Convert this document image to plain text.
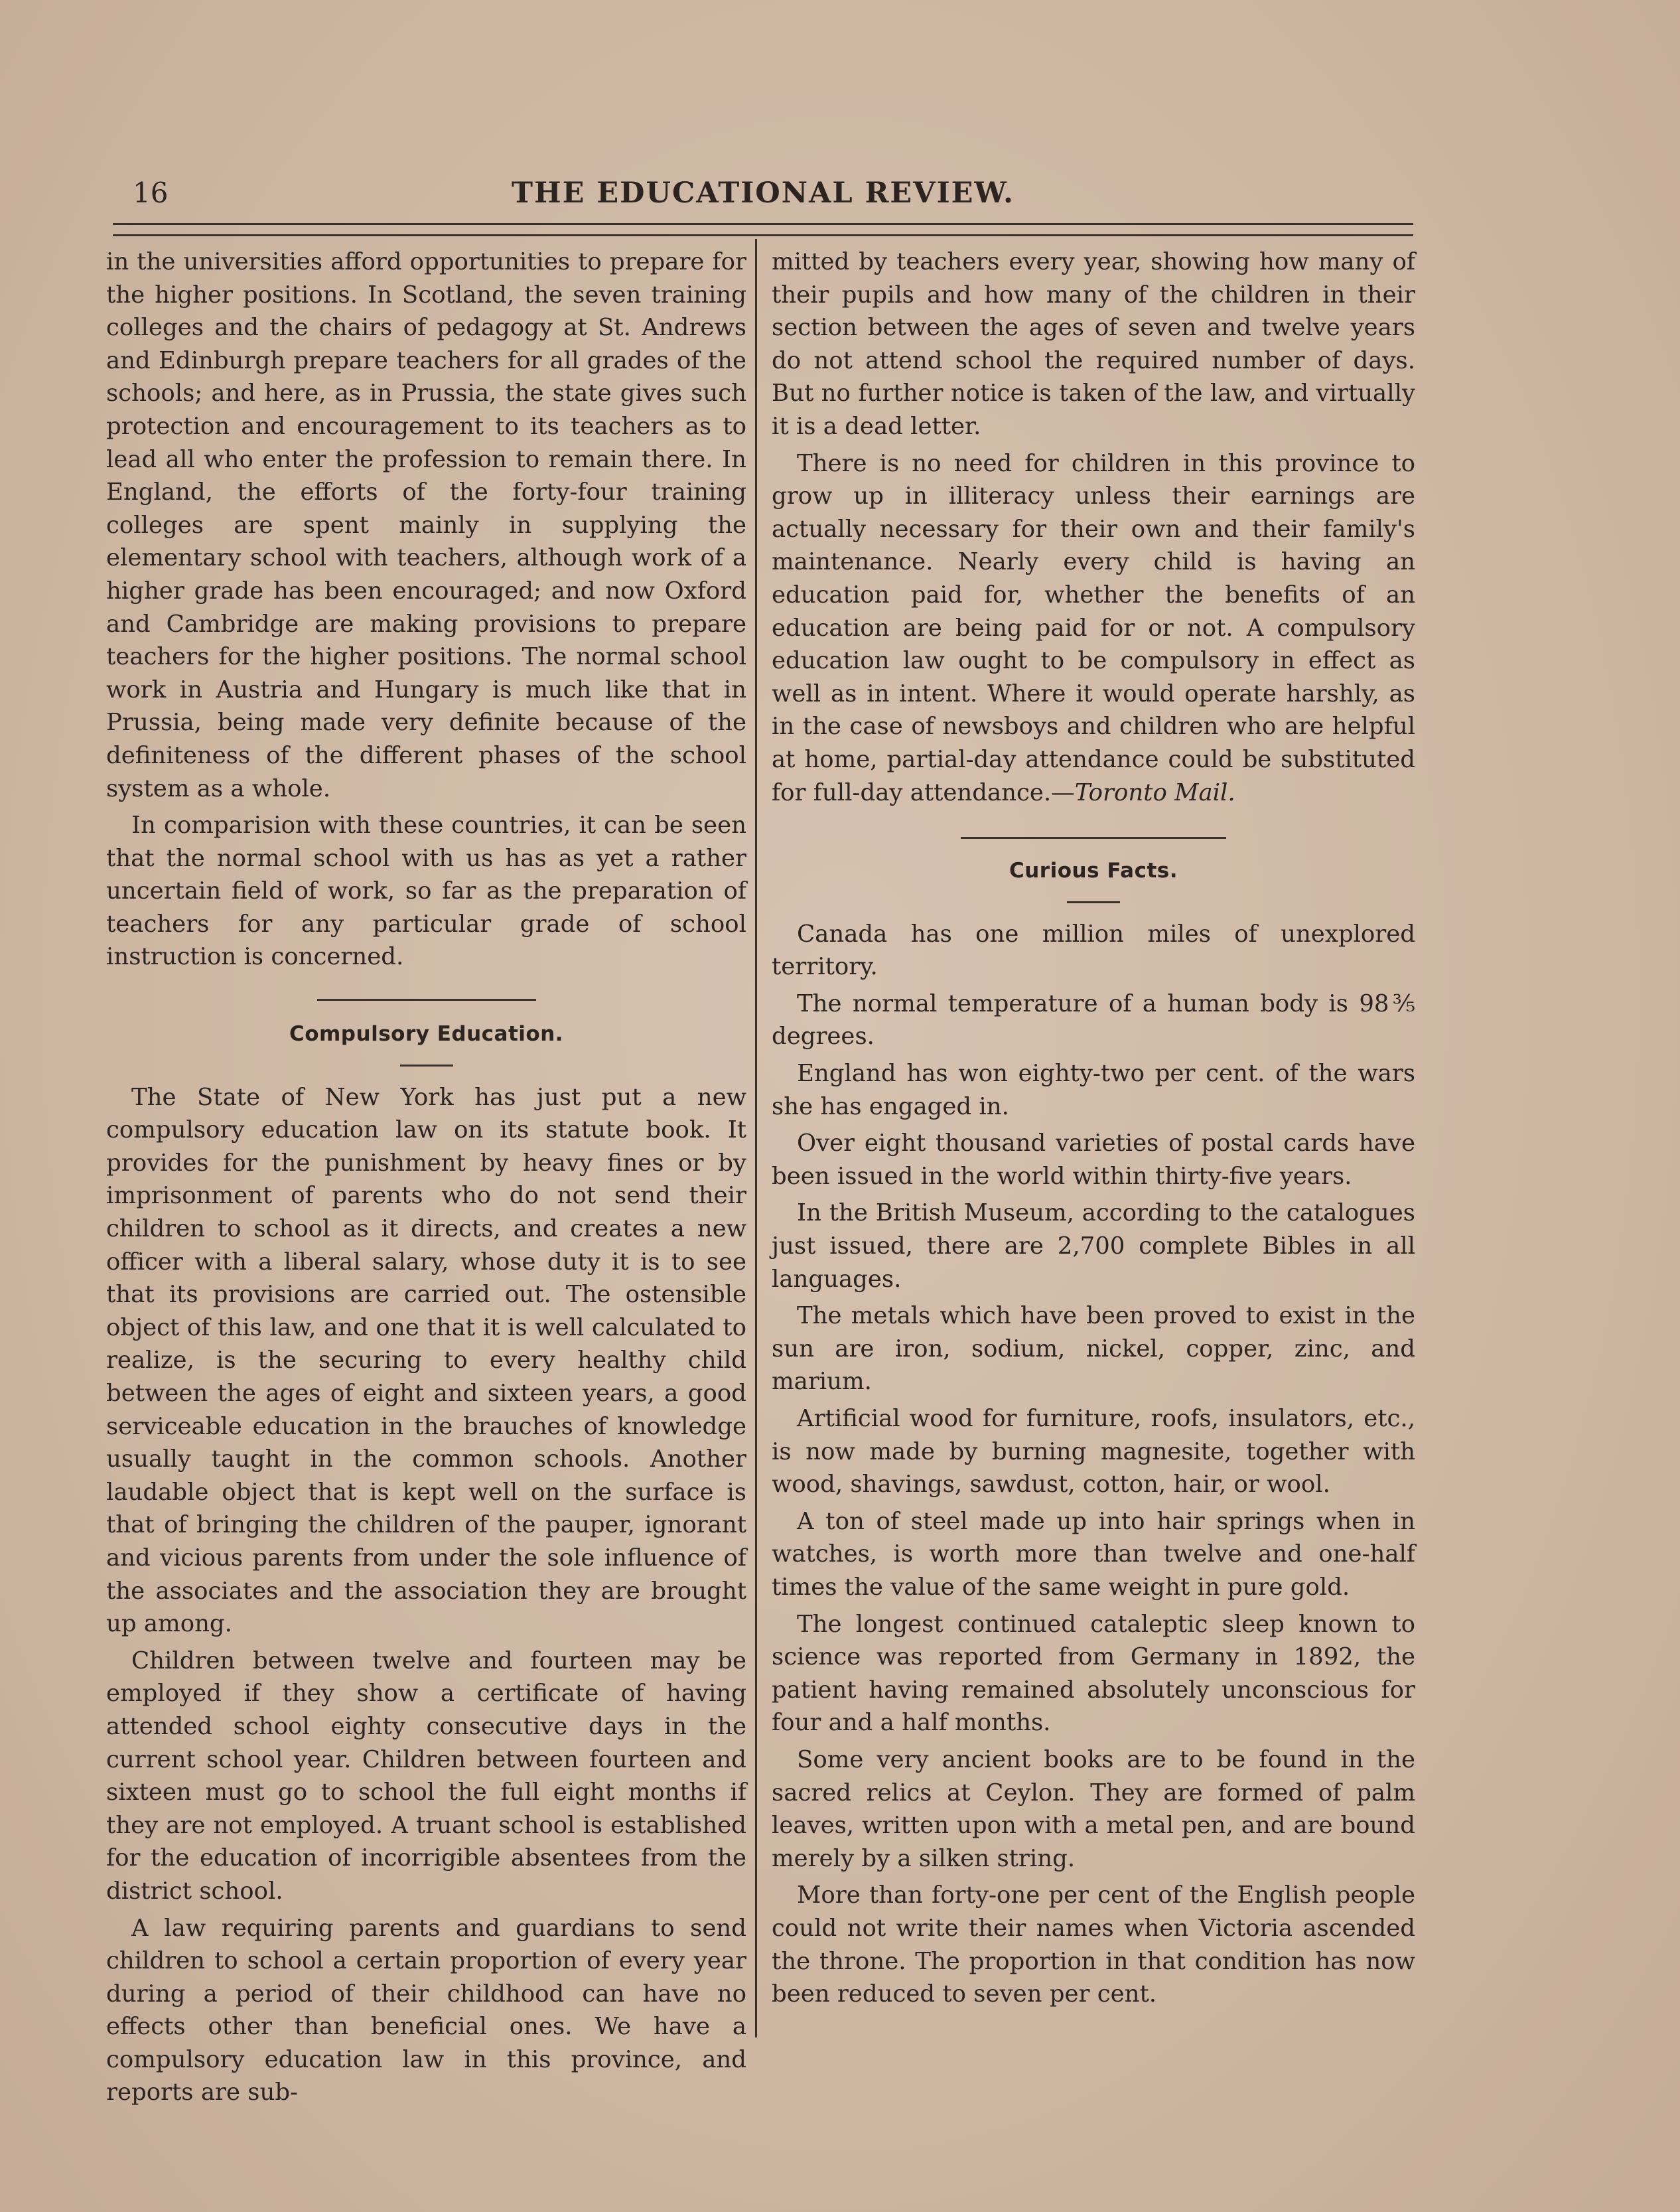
16	THE EDUCATIONAL REVIEW.

in the universities afford opportunities to prepare for the higher positions. In Scotland, the seven training colleges and the chairs of pedagogy at St. Andrews and Edinburgh prepare teachers for all grades of the schools; and here, as in Prussia, the state gives such protection and encouragement to its teachers as to lead all who enter the profession to remain there. In England, the efforts of the forty-four training colleges are spent mainly in supplying the elementary school with teachers, although work of a higher grade has been encouraged; and now Oxford and Cambridge are making provisions to prepare teachers for the higher positions. The normal school work in Austria and Hungary is much like that in Prussia, being made very definite because of the definiteness of the different phases of the school system as a whole.

In comparision with these countries, it can be seen that the normal school with us has as yet a rather uncertain field of work, so far as the preparation of teachers for any particular grade of school instruction is concerned.

Compulsory Education.

The State of New York has just put a new compulsory education law on its statute book. It provides for the punishment by heavy fines or by imprisonment of parents who do not send their children to school as it directs, and creates a new officer with a liberal salary, whose duty it is to see that its provisions are carried out. The ostensible object of this law, and one that it is well calculated to realize, is the securing to every healthy child between the ages of eight and sixteen years, a good serviceable education in the brauches of knowledge usually taught in the common schools. Another laudable object that is kept well on the surface is that of bringing the children of the pauper, ignorant and vicious parents from under the sole influence of the associates and the association they are brought up among.

Children between twelve and fourteen may be employed if they show a certificate of having attended school eighty consecutive days in the current school year. Children between fourteen and sixteen must go to school the full eight months if they are not employed. A truant school is established for the education of incorrigible absentees from the district school.

A law requiring parents and guardians to send children to school a certain proportion of every year during a period of their childhood can have no effects other than beneficial ones. We have a compulsory education law in this province, and reports are sub-

mitted by teachers every year, showing how many of their pupils and how many of the children in their section between the ages of seven and twelve years do not attend school the required number of days. But no further notice is taken of the law, and virtually it is a dead letter.

There is no need for children in this province to grow up in illiteracy unless their earnings are actually necessary for their own and their family's maintenance. Nearly every child is having an education paid for, whether the benefits of an education are being paid for or not. A compulsory education law ought to be compulsory in effect as well as in intent. Where it would operate harshly, as in the case of newsboys and children who are helpful at home, partial-day attendance could be substituted for full-day attendance.—Toronto Mail.

Curious Facts.

Canada has one million miles of unexplored territory.

The normal temperature of a human body is 98⅗ degrees.

England has won eighty-two per cent. of the wars she has engaged in.

Over eight thousand varieties of postal cards have been issued in the world within thirty-five years.

In the British Museum, according to the catalogues just issued, there are 2,700 complete Bibles in all languages.

The metals which have been proved to exist in the sun are iron, sodium, nickel, copper, zinc, and marium.

Artificial wood for furniture, roofs, insulators, etc., is now made by burning magnesite, together with wood, shavings, sawdust, cotton, hair, or wool.

A ton of steel made up into hair springs when in watches, is worth more than twelve and one-half times the value of the same weight in pure gold.

The longest continued cataleptic sleep known to science was reported from Germany in 1892, the patient having remained absolutely unconscious for four and a half months.

Some very ancient books are to be found in the sacred relics at Ceylon. They are formed of palm leaves, written upon with a metal pen, and are bound merely by a silken string.

More than forty-one per cent of the English people could not write their names when Victoria ascended the throne. The proportion in that condition has now been reduced to seven per cent.
